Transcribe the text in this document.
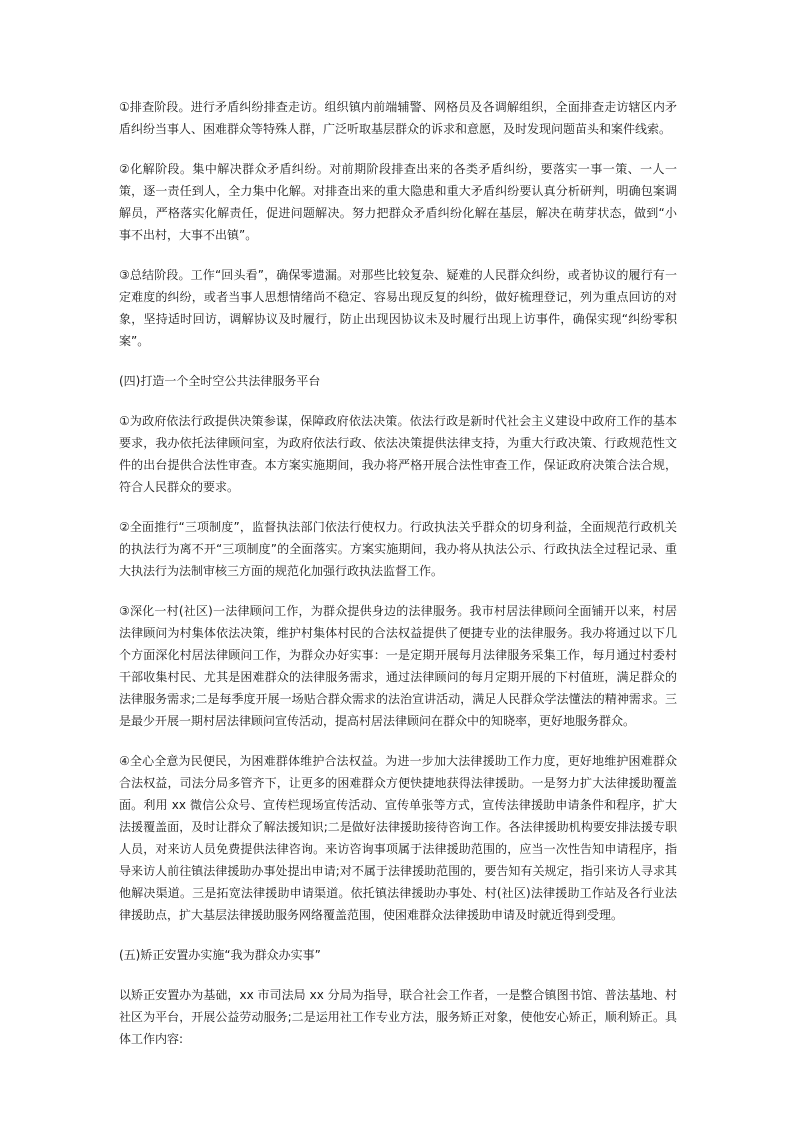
①排查阶段。进行矛盾纠纷排查走访。组织镇内前端辅警、网格员及各调解组织，全面排查走访辖区内矛盾纠纷当事人、困难群众等特殊人群，广泛听取基层群众的诉求和意愿，及时发现问题苗头和案件线索。

②化解阶段。集中解决群众矛盾纠纷。对前期阶段排查出来的各类矛盾纠纷，要落实一事一策、一人一策，逐一责任到人，全力集中化解。对排查出来的重大隐患和重大矛盾纠纷要认真分析研判，明确包案调解员，严格落实化解责任，促进问题解决。努力把群众矛盾纠纷化解在基层，解决在萌芽状态，做到“小事不出村，大事不出镇”。

③总结阶段。工作“回头看”，确保零遗漏。对那些比较复杂、疑难的人民群众纠纷，或者协议的履行有一定难度的纠纷，或者当事人思想情绪尚不稳定、容易出现反复的纠纷，做好梳理登记，列为重点回访的对象，坚持适时回访，调解协议及时履行，防止出现因协议未及时履行出现上访事件，确保实现“纠纷零积案”。

(四)打造一个全时空公共法律服务平台

①为政府依法行政提供决策参谋，保障政府依法决策。依法行政是新时代社会主义建设中政府工作的基本要求，我办依托法律顾问室，为政府依法行政、依法决策提供法律支持，为重大行政决策、行政规范性文件的出台提供合法性审查。本方案实施期间，我办将严格开展合法性审查工作，保证政府决策合法合规，符合人民群众的要求。

②全面推行“三项制度”，监督执法部门依法行使权力。行政执法关乎群众的切身利益，全面规范行政机关的执法行为离不开“三项制度”的全面落实。方案实施期间，我办将从执法公示、行政执法全过程记录、重大执法行为法制审核三方面的规范化加强行政执法监督工作。

③深化一村(社区)一法律顾问工作，为群众提供身边的法律服务。我市村居法律顾问全面铺开以来，村居法律顾问为村集体依法决策，维护村集体村民的合法权益提供了便捷专业的法律服务。我办将通过以下几个方面深化村居法律顾问工作，为群众办好实事：一是定期开展每月法律服务采集工作，每月通过村委村干部收集村民、尤其是困难群众的法律服务需求，通过法律顾问的每月定期开展的下村值班，满足群众的法律服务需求;二是每季度开展一场贴合群众需求的法治宣讲活动，满足人民群众学法懂法的精神需求。三是最少开展一期村居法律顾问宣传活动，提高村居法律顾问在群众中的知晓率，更好地服务群众。

④全心全意为民便民，为困难群体维护合法权益。为进一步加大法律援助工作力度，更好地维护困难群众合法权益，司法分局多管齐下，让更多的困难群众方便快捷地获得法律援助。一是努力扩大法律援助覆盖面。利用 xx 微信公众号、宣传栏现场宣传活动、宣传单张等方式，宣传法律援助申请条件和程序，扩大法援覆盖面，及时让群众了解法援知识;二是做好法律援助接待咨询工作。各法律援助机构要安排法援专职人员，对来访人员免费提供法律咨询。来访咨询事项属于法律援助范围的，应当一次性告知申请程序，指导来访人前往镇法律援助办事处提出申请;对不属于法律援助范围的，要告知有关规定，指引来访人寻求其他解决渠道。三是拓宽法律援助申请渠道。依托镇法律援助办事处、村(社区)法律援助工作站及各行业法律援助点，扩大基层法律援助服务网络覆盖范围，使困难群众法律援助申请及时就近得到受理。

(五)矫正安置办实施“我为群众办实事”

以矫正安置办为基础，xx 市司法局 xx 分局为指导，联合社会工作者，一是整合镇图书馆、普法基地、村社区为平台，开展公益劳动服务;二是运用社工作专业方法，服务矫正对象，使他安心矫正，顺利矫正。具体工作内容:
